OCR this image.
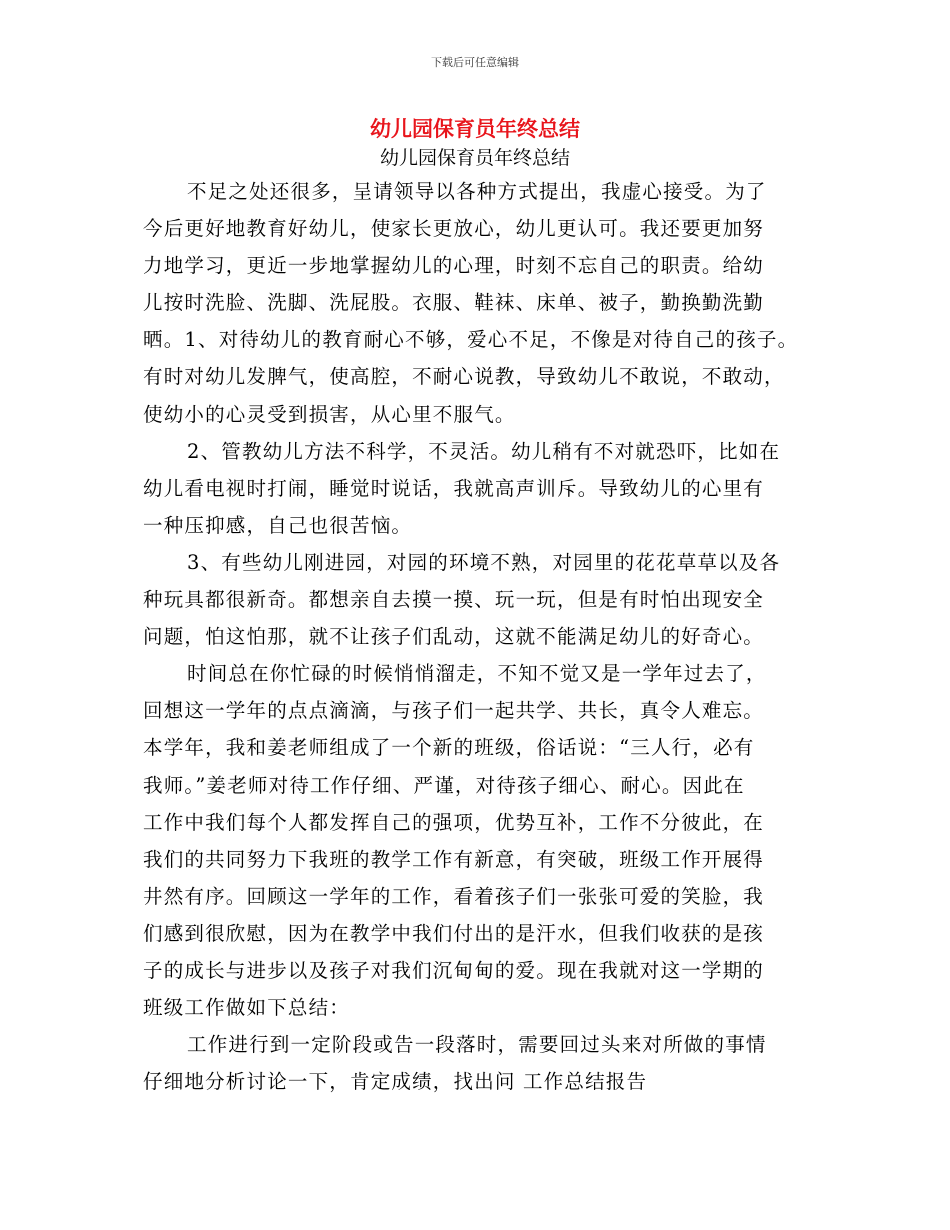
下载后可任意编辑
幼儿园保育员年终总结
幼儿园保育员年终总结
不足之处还很多，呈请领导以各种方式提出，我虚心接受。为了
今后更好地教育好幼儿，使家长更放心，幼儿更认可。我还要更加努
力地学习，更近一步地掌握幼儿的心理，时刻不忘自己的职责。给幼
儿按时洗脸、洗脚、洗屁股。衣服、鞋袜、床单、被子，勤换勤洗勤
晒。1、对待幼儿的教育耐心不够，爱心不足，不像是对待自己的孩子。
有时对幼儿发脾气，使高腔，不耐心说教，导致幼儿不敢说，不敢动，
使幼小的心灵受到损害，从心里不服气。
2、管教幼儿方法不科学，不灵活。幼儿稍有不对就恐吓，比如在
幼儿看电视时打闹，睡觉时说话，我就高声训斥。导致幼儿的心里有
一种压抑感，自己也很苦恼。
3、有些幼儿刚进园，对园的环境不熟，对园里的花花草草以及各
种玩具都很新奇。都想亲自去摸一摸、玩一玩，但是有时怕出现安全
问题，怕这怕那，就不让孩子们乱动，这就不能满足幼儿的好奇心。
时间总在你忙碌的时候悄悄溜走，不知不觉又是一学年过去了，
回想这一学年的点点滴滴，与孩子们一起共学、共长，真令人难忘。
本学年，我和姜老师组成了一个新的班级，俗话说：“三人行，必有
我师。”姜老师对待工作仔细、严谨，对待孩子细心、耐心。因此在
工作中我们每个人都发挥自己的强项，优势互补，工作不分彼此，在
我们的共同努力下我班的教学工作有新意，有突破，班级工作开展得
井然有序。回顾这一学年的工作，看着孩子们一张张可爱的笑脸，我
们感到很欣慰，因为在教学中我们付出的是汗水，但我们收获的是孩
子的成长与进步以及孩子对我们沉甸甸的爱。现在我就对这一学期的
班级工作做如下总结：
工作进行到一定阶段或告一段落时，需要回过头来对所做的事情
仔细地分析讨论一下，肯定成绩，找出问 工作总结报告
